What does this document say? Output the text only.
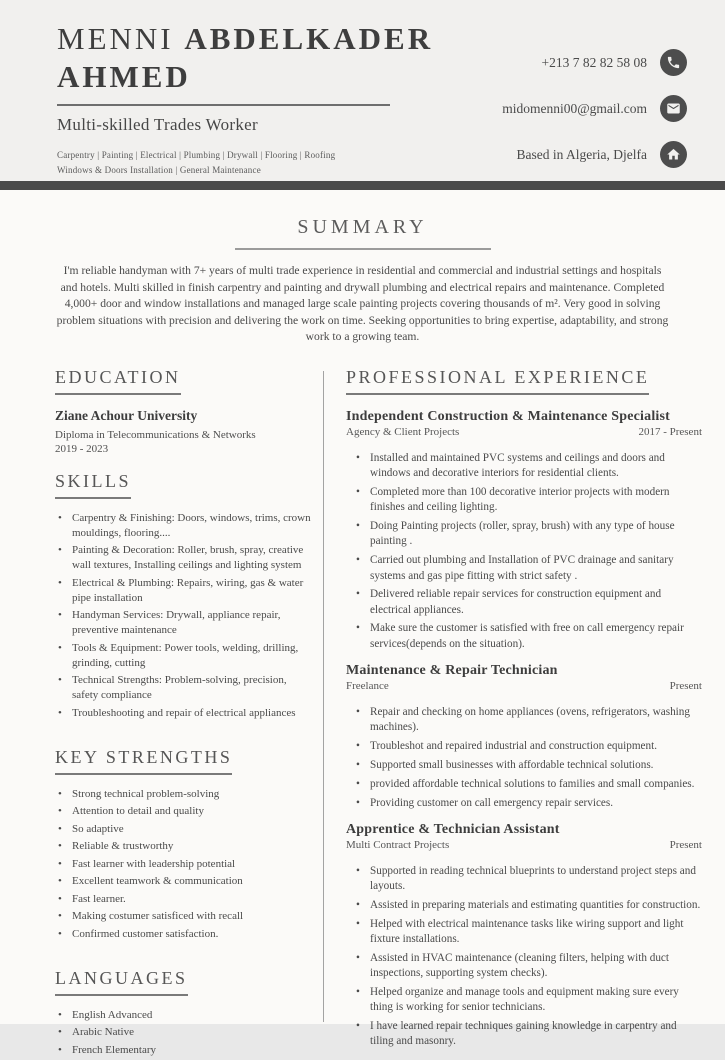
MENNI ABDELKADER
AHMED
Multi-skilled Trades Worker
Carpentry | Painting | Electrical | Plumbing | Drywall | Flooring | Roofing
Windows & Doors Installation | General Maintenance
+213 7 82 82 58 08
midomenni00@gmail.com
Based in Algeria, Djelfa
SUMMARY

I'm reliable handyman with 7+ years of multi trade experience in residential and commercial and industrial settings and hospitals and hotels. Multi skilled in finish carpentry and painting and drywall plumbing and electrical repairs and maintenance. Completed 4,000+ door and window installations and managed large scale painting projects covering thousands of m². Very good in solving problem situations with precision and delivering the work on time. Seeking opportunities to bring expertise, adaptability, and strong work to a growing team.

EDUCATION
Ziane Achour University
Diploma in Telecommunications & Networks
2019 - 2023
SKILLS
• Carpentry & Finishing: Doors, windows, trims, crown mouldings, flooring....
• Painting & Decoration: Roller, brush, spray, creative wall textures, Installing ceilings and lighting system
• Electrical & Plumbing: Repairs, wiring, gas & water pipe installation
• Handyman Services: Drywall, appliance repair, preventive maintenance
• Tools & Equipment: Power tools, welding, drilling, grinding, cutting
• Technical Strengths: Problem-solving, precision, safety compliance
• Troubleshooting and repair of electrical appliances
KEY STRENGTHS
• Strong technical problem-solving
• Attention to detail and quality
• So adaptive
• Reliable & trustworthy
• Fast learner with leadership potential
• Excellent teamwork & communication
• Fast learner.
• Making costumer satisficed with recall
• Confirmed customer satisfaction.
LANGUAGES
• English Advanced
• Arabic Native
• French Elementary
PROFESSIONAL EXPERIENCE
Independent Construction & Maintenance Specialist
Agency & Client Projects	2017 - Present
• Installed and maintained PVC systems and ceilings and doors and windows and decorative interiors for residential clients.
• Completed more than 100 decorative interior projects with modern finishes and ceiling lighting.
• Doing Painting projects (roller, spray, brush) with any type of house painting .
• Carried out plumbing and Installation of PVC drainage and sanitary systems and gas pipe fitting with strict safety .
• Delivered reliable repair services for construction equipment and electrical appliances.
• Make sure the customer is satisfied with free on call emergency repair services(depends on the situation).
Maintenance & Repair Technician
Freelance	Present
• Repair and checking on home appliances (ovens, refrigerators, washing machines).
• Troubleshot and repaired industrial and construction equipment.
• Supported small businesses with affordable technical solutions.
• provided affordable technical solutions to families and small companies.
• Providing customer on call emergency repair services.
Apprentice & Technician Assistant
Multi Contract Projects	Present
• Supported in reading technical blueprints to understand project steps and layouts.
• Assisted in preparing materials and estimating quantities for construction.
• Helped with electrical maintenance tasks like wiring support and light fixture installations.
• Assisted in HVAC maintenance (cleaning filters, helping with duct inspections, supporting system checks).
• Helped organize and manage tools and equipment making sure every thing is working for senior technicians.
• I have learned repair techniques gaining knowledge in carpentry and tiling and masonry.
